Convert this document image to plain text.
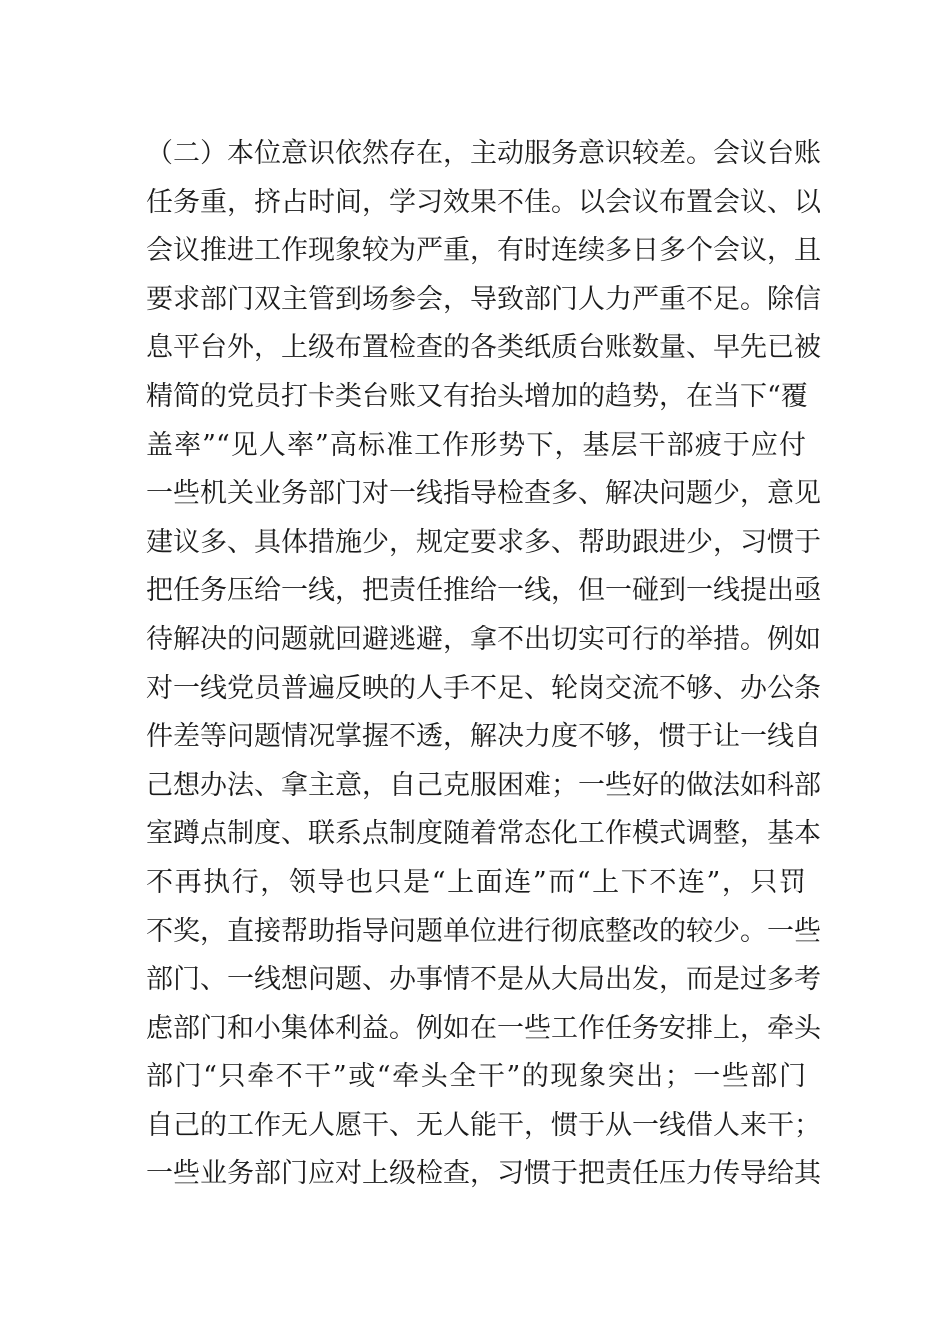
（二）本位意识依然存在，主动服务意识较差。会议台账
任务重，挤占时间，学习效果不佳。以会议布置会议、以
会议推进工作现象较为严重，有时连续多日多个会议，且
要求部门双主管到场参会，导致部门人力严重不足。除信
息平台外，上级布置检查的各类纸质台账数量、早先已被
精简的党员打卡类台账又有抬头增加的趋势，在当下“覆
盖率”“见人率”高标准工作形势下，基层干部疲于应付
一些机关业务部门对一线指导检查多、解决问题少，意见
建议多、具体措施少，规定要求多、帮助跟进少，习惯于
把任务压给一线，把责任推给一线，但一碰到一线提出亟
待解决的问题就回避逃避，拿不出切实可行的举措。例如
对一线党员普遍反映的人手不足、轮岗交流不够、办公条
件差等问题情况掌握不透，解决力度不够，惯于让一线自
己想办法、拿主意，自己克服困难；一些好的做法如科部
室蹲点制度、联系点制度随着常态化工作模式调整，基本
不再执行，领导也只是“上面连”而“上下不连”，只罚
不奖，直接帮助指导问题单位进行彻底整改的较少。一些
部门、一线想问题、办事情不是从大局出发，而是过多考
虑部门和小集体利益。例如在一些工作任务安排上，牵头
部门“只牵不干”或“牵头全干”的现象突出；一些部门
自己的工作无人愿干、无人能干，惯于从一线借人来干；
一些业务部门应对上级检查，习惯于把责任压力传导给其
